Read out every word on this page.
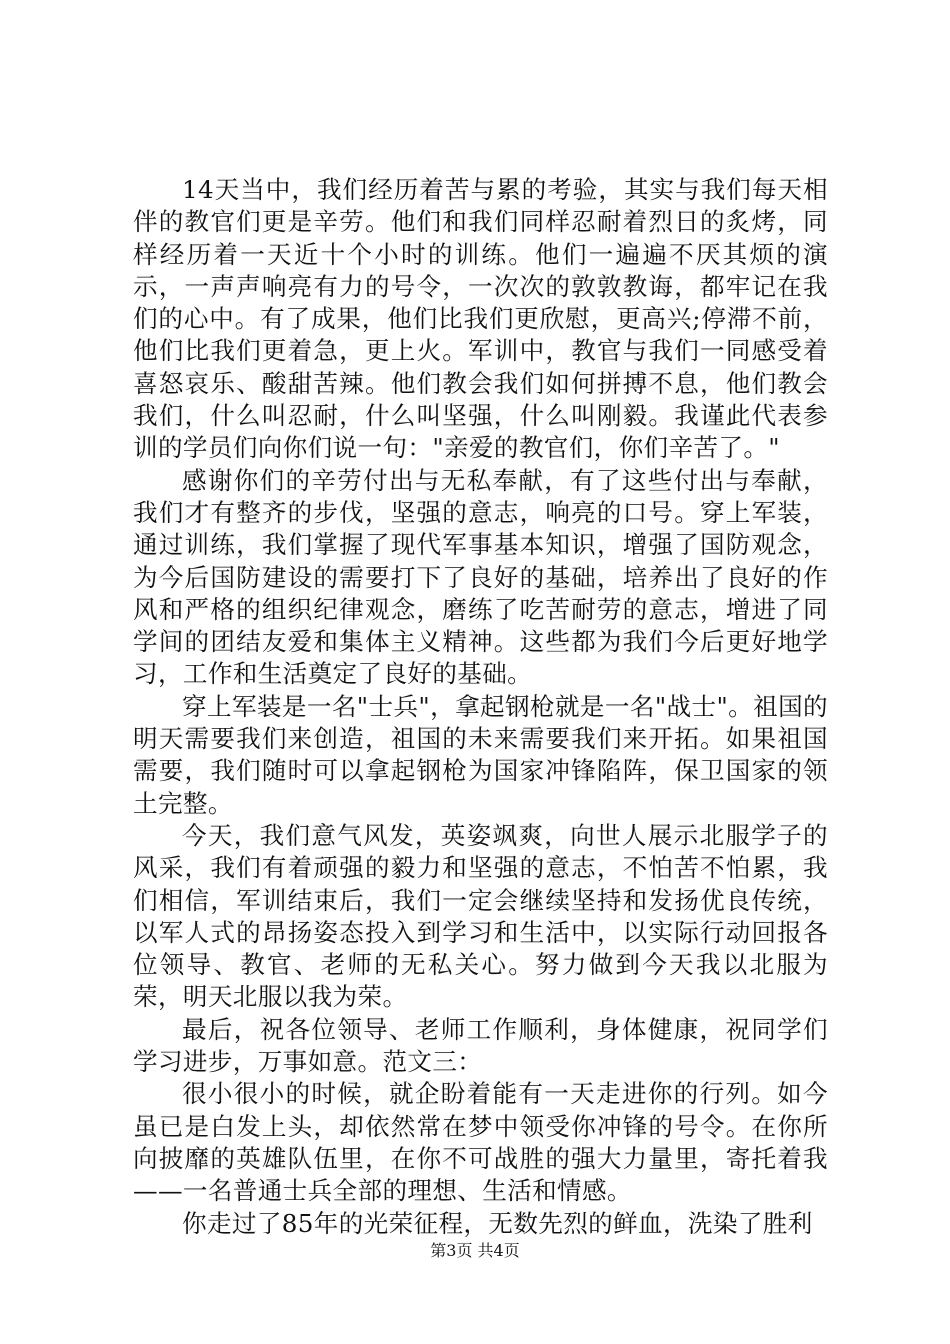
14天当中，我们经历着苦与累的考验，其实与我们每天相伴的教官们更是辛劳。他们和我们同样忍耐着烈日的炙烤，同样经历着一天近十个小时的训练。他们一遍遍不厌其烦的演示，一声声响亮有力的号令，一次次的敦敦教诲，都牢记在我们的心中。有了成果，他们比我们更欣慰，更高兴;停滞不前，他们比我们更着急，更上火。军训中，教官与我们一同感受着喜怒哀乐、酸甜苦辣。他们教会我们如何拼搏不息，他们教会我们，什么叫忍耐，什么叫坚强，什么叫刚毅。我谨此代表参训的学员们向你们说一句："亲爱的教官们，你们辛苦了。"

感谢你们的辛劳付出与无私奉献，有了这些付出与奉献，我们才有整齐的步伐，坚强的意志，响亮的口号。穿上军装，通过训练，我们掌握了现代军事基本知识，增强了国防观念，为今后国防建设的需要打下了良好的基础，培养出了良好的作风和严格的组织纪律观念，磨练了吃苦耐劳的意志，增进了同学间的团结友爱和集体主义精神。这些都为我们今后更好地学习，工作和生活奠定了良好的基础。

穿上军装是一名"士兵"，拿起钢枪就是一名"战士"。祖国的明天需要我们来创造，祖国的未来需要我们来开拓。如果祖国需要，我们随时可以拿起钢枪为国家冲锋陷阵，保卫国家的领土完整。

今天，我们意气风发，英姿飒爽，向世人展示北服学子的风采，我们有着顽强的毅力和坚强的意志，不怕苦不怕累，我们相信，军训结束后，我们一定会继续坚持和发扬优良传统，以军人式的昂扬姿态投入到学习和生活中，以实际行动回报各位领导、教官、老师的无私关心。努力做到今天我以北服为荣，明天北服以我为荣。

最后，祝各位领导、老师工作顺利，身体健康，祝同学们学习进步，万事如意。范文三：

很小很小的时候，就企盼着能有一天走进你的行列。如今虽已是白发上头，却依然常在梦中领受你冲锋的号令。在你所向披靡的英雄队伍里，在你不可战胜的强大力量里，寄托着我——一名普通士兵全部的理想、生活和情感。

你走过了85年的光荣征程，无数先烈的鲜血，洗染了胜利

第3页 共4页
